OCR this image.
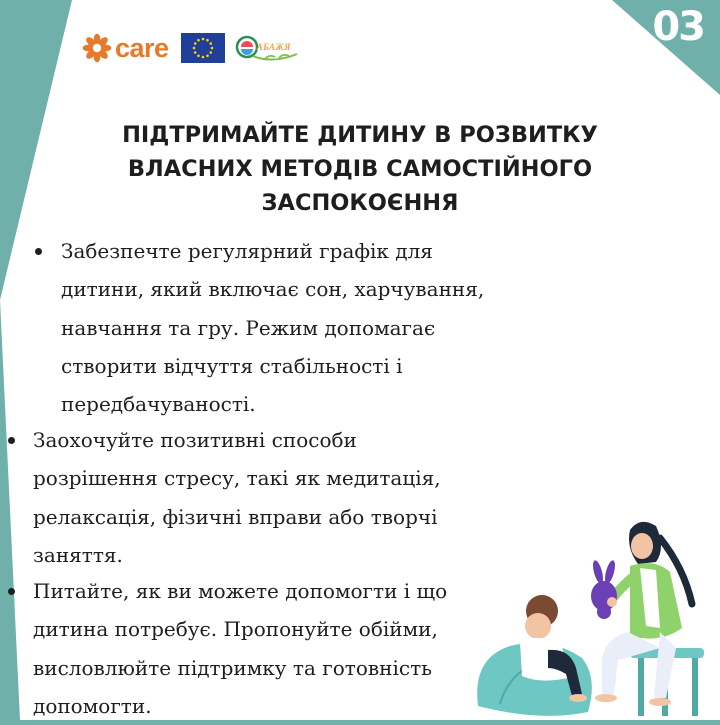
03
care	АБАЖЯ
ПІДТРИМАЙТЕ ДИТИНУ В РОЗВИТКУ
ВЛАСНИХ МЕТОДІВ САМОСТІЙНОГО
ЗАСПОКОЄННЯ
Забезпечте регулярний графік для
дитини, який включає сон, харчування,
навчання та гру. Режим допомагає
створити відчуття стабільності і
передбачуваності.
Заохочуйте позитивні способи
розрішення стресу, такі як медитація,
релаксація, фізичні вправи або творчі
заняття.
Питайте, як ви можете допомогти і що
дитина потребує. Пропонуйте обійми,
висловлюйте підтримку та готовність
допомогти.
